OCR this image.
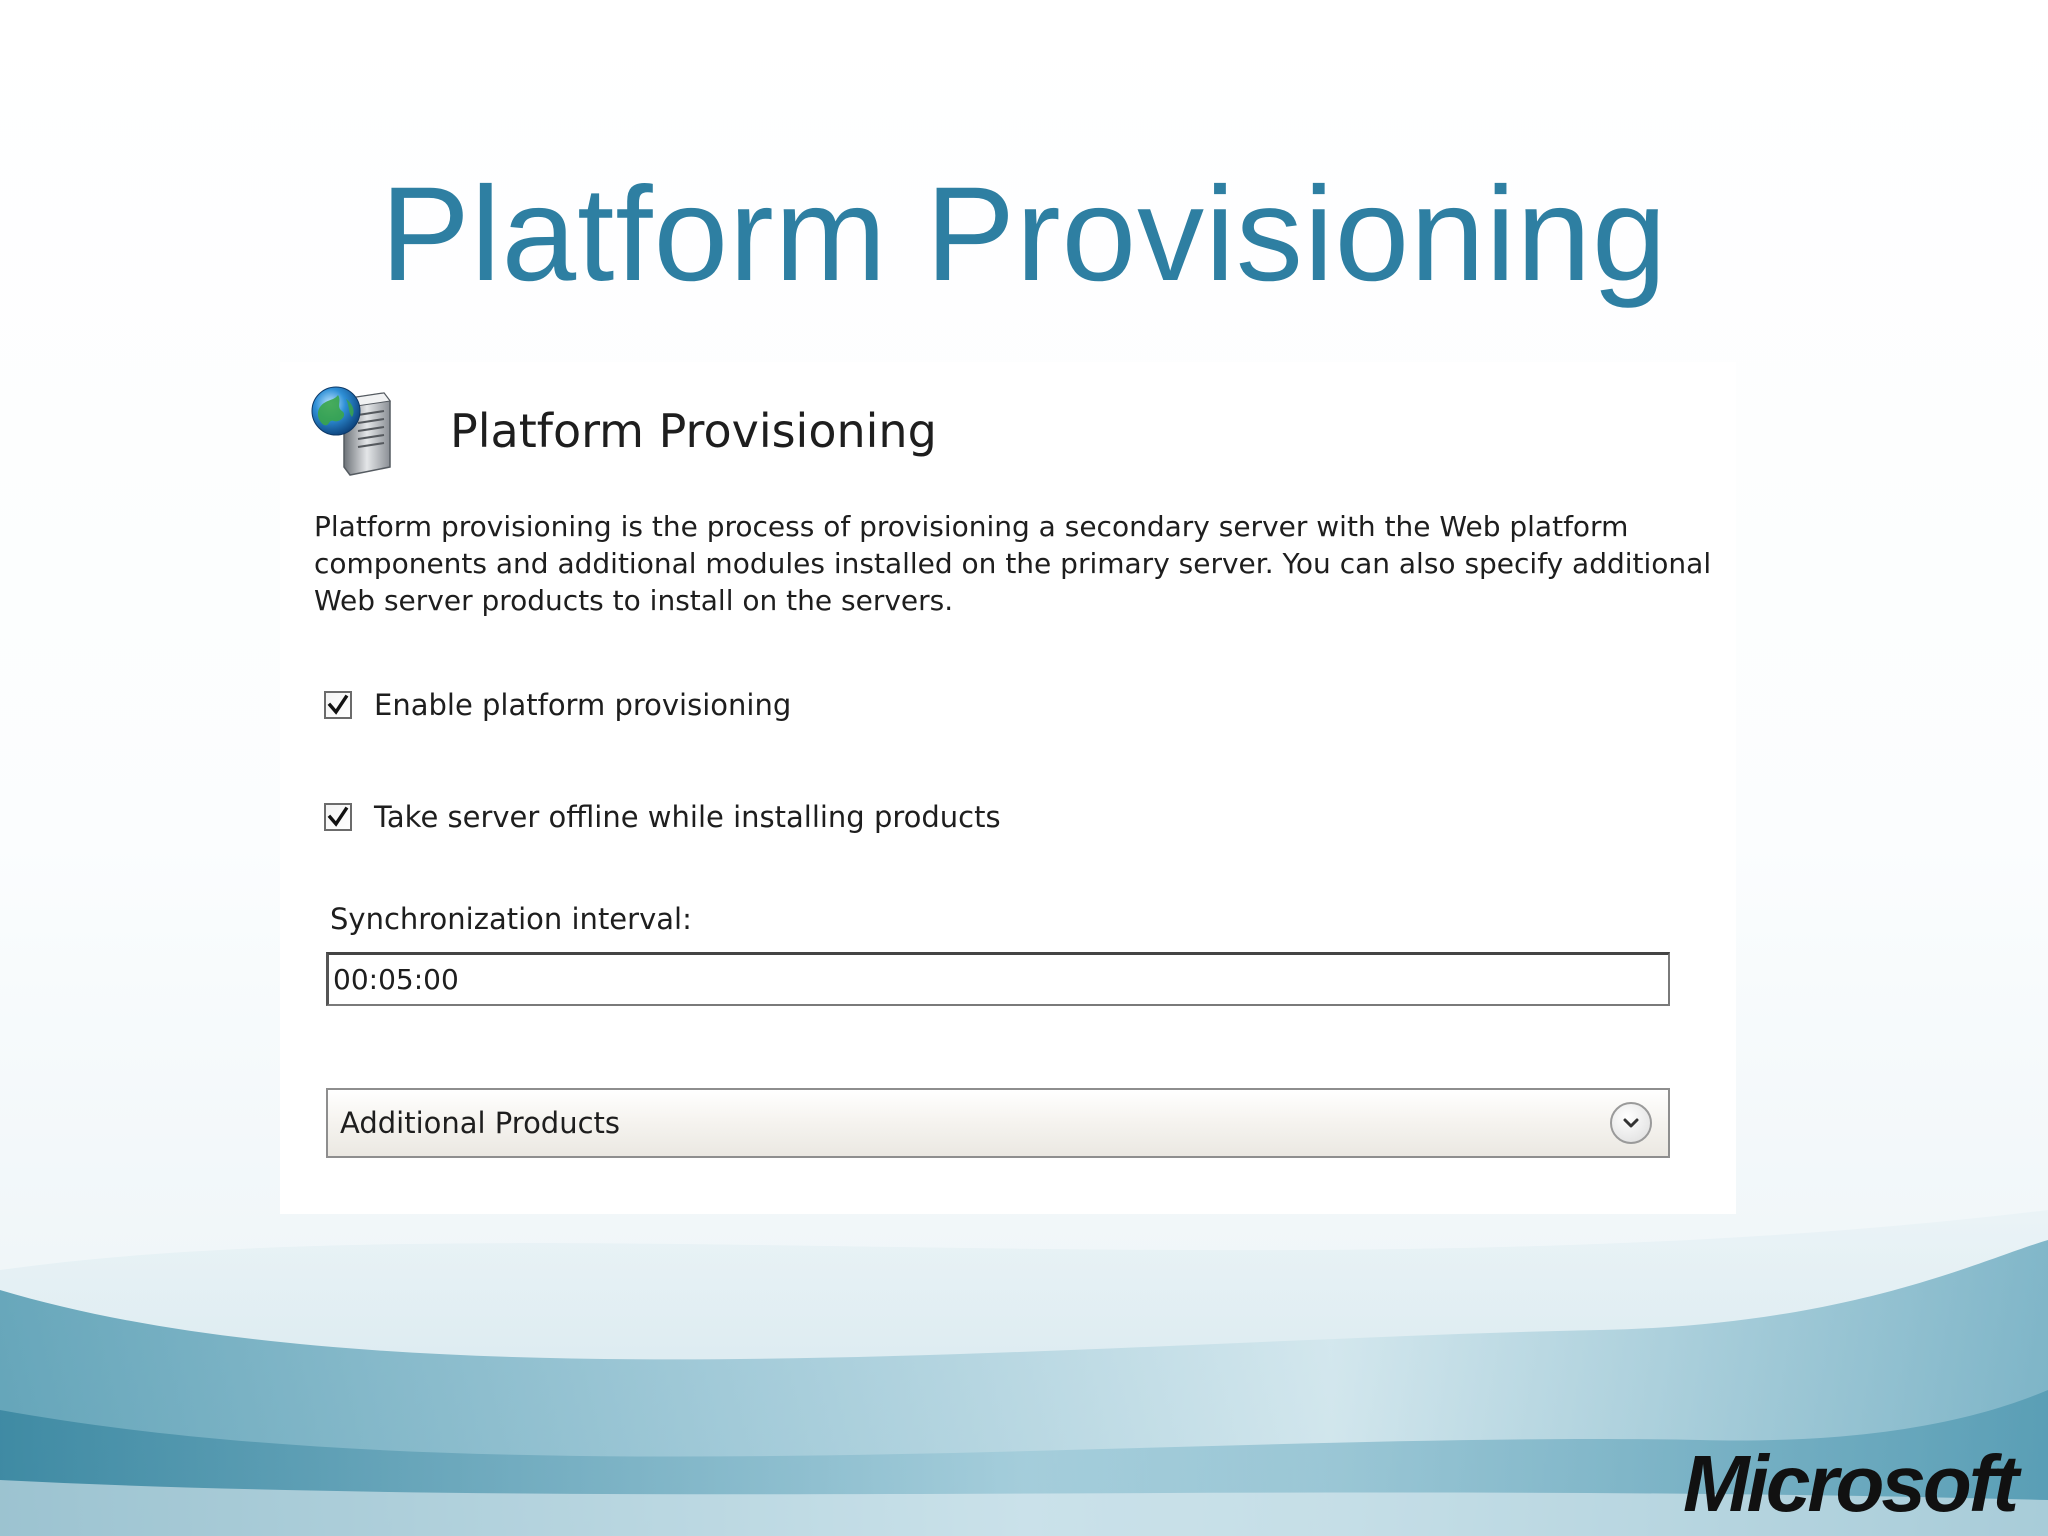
Platform Provisioning
Platform Provisioning
Platform provisioning is the process of provisioning a secondary server with the Web platform components and additional modules installed on the primary server. You can also specify additional Web server products to install on the servers.
Enable platform provisioning
Take server offline while installing products
Synchronization interval:
00:05:00
Additional Products
Microsoft
